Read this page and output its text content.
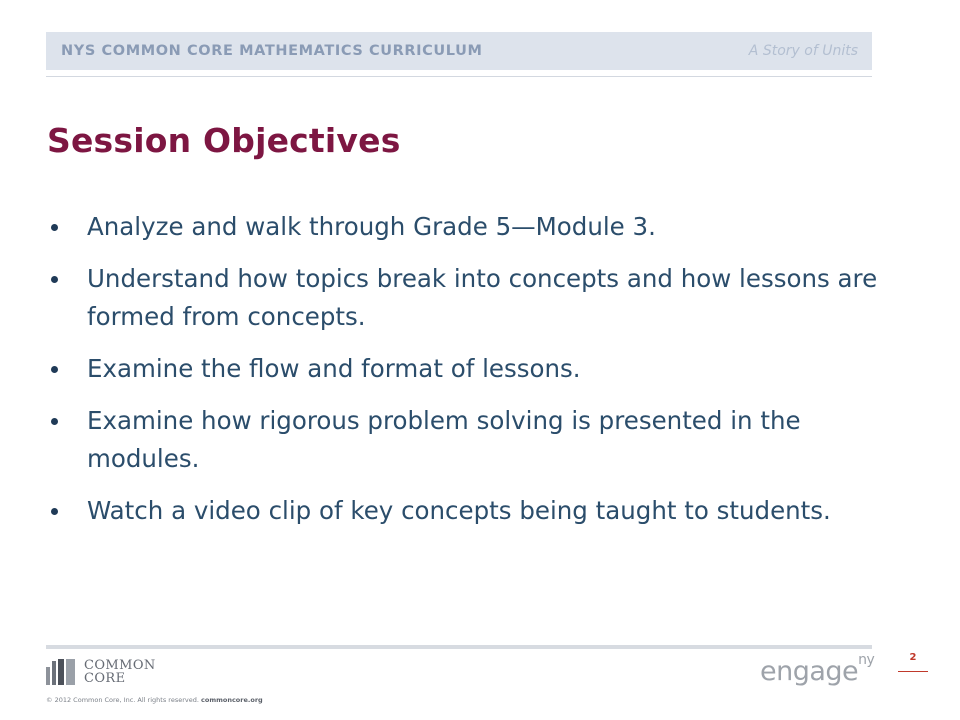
NYS COMMON CORE MATHEMATICS CURRICULUM	A Story of Units
Session Objectives
Analyze and walk through Grade 5—Module 3.
Understand how topics break into concepts and how lessons are formed from concepts.
Examine the flow and format of lessons.
Examine how rigorous problem solving is presented in the modules.
Watch a video clip of key concepts being taught to students.
COMMON
CORE
© 2012 Common Core, Inc. All rights reserved. commoncore.org
engage$^{ny}$	2
